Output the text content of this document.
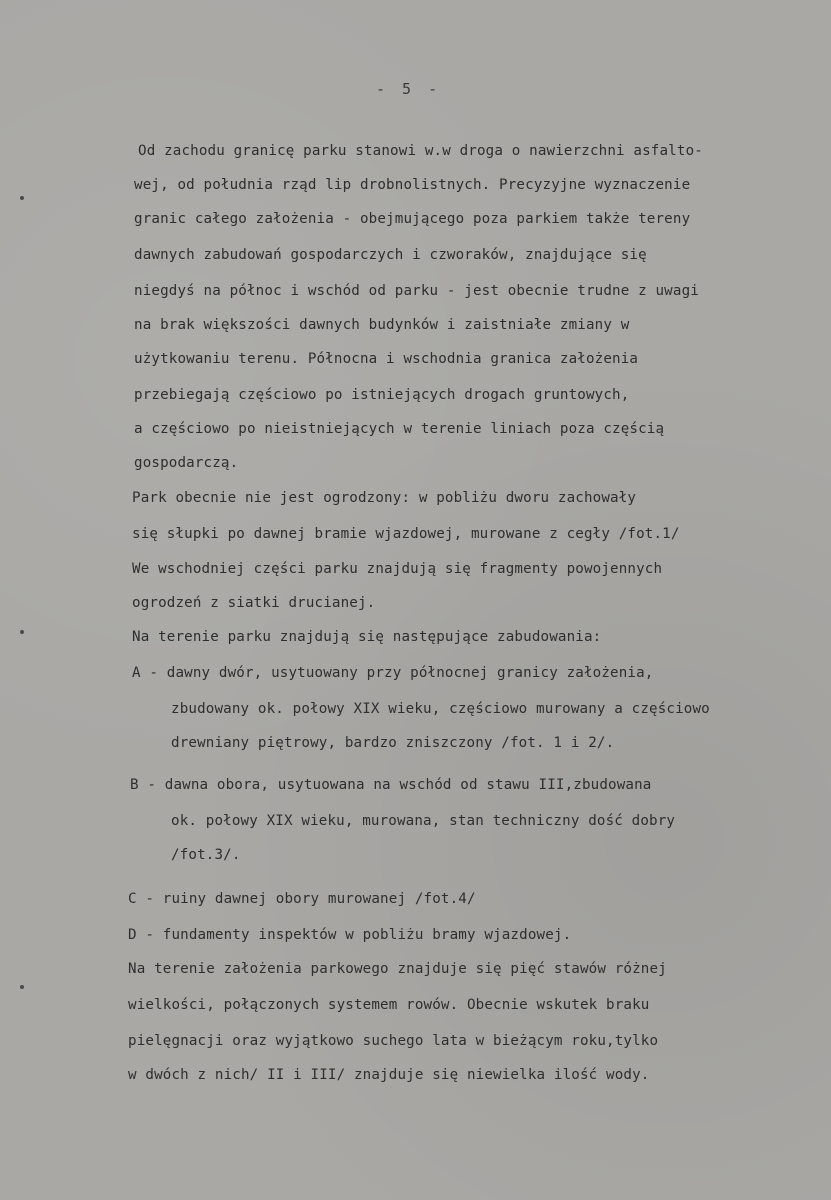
- 5 -
Od zachodu granicę parku stanowi w.w droga o nawierzchni asfalto-
wej, od południa rząd lip drobnolistnych. Precyzyjne wyznaczenie
granic całego założenia - obejmującego poza parkiem także tereny
dawnych zabudowań gospodarczych i czworaków, znajdujące się
niegdyś na północ i wschód od parku - jest obecnie trudne z uwagi
na brak większości dawnych budynków i zaistniałe zmiany w
użytkowaniu terenu. Północna i wschodnia granica założenia
przebiegają częściowo po istniejących drogach gruntowych,
a częściowo po nieistniejących w terenie liniach poza częścią
gospodarczą.
Park obecnie nie jest ogrodzony: w pobliżu dworu zachowały
się słupki po dawnej bramie wjazdowej, murowane z cegły /fot.1/
We wschodniej części parku znajdują się fragmenty powojennych
ogrodzeń z siatki drucianej.
Na terenie parku znajdują się następujące zabudowania:
A - dawny dwór, usytuowany przy północnej granicy założenia,
zbudowany ok. połowy XIX wieku, częściowo murowany a częściowo
drewniany piętrowy, bardzo zniszczony /fot. 1 i 2/.
B - dawna obora, usytuowana na wschód od stawu III,zbudowana
ok. połowy XIX wieku, murowana, stan techniczny dość dobry
/fot.3/.
C - ruiny dawnej obory murowanej /fot.4/
D - fundamenty inspektów w pobliżu bramy wjazdowej.
Na terenie założenia parkowego znajduje się pięć stawów różnej
wielkości, połączonych systemem rowów. Obecnie wskutek braku
pielęgnacji oraz wyjątkowo suchego lata w bieżącym roku,tylko
w dwóch z nich/ II i III/ znajduje się niewielka ilość wody.
